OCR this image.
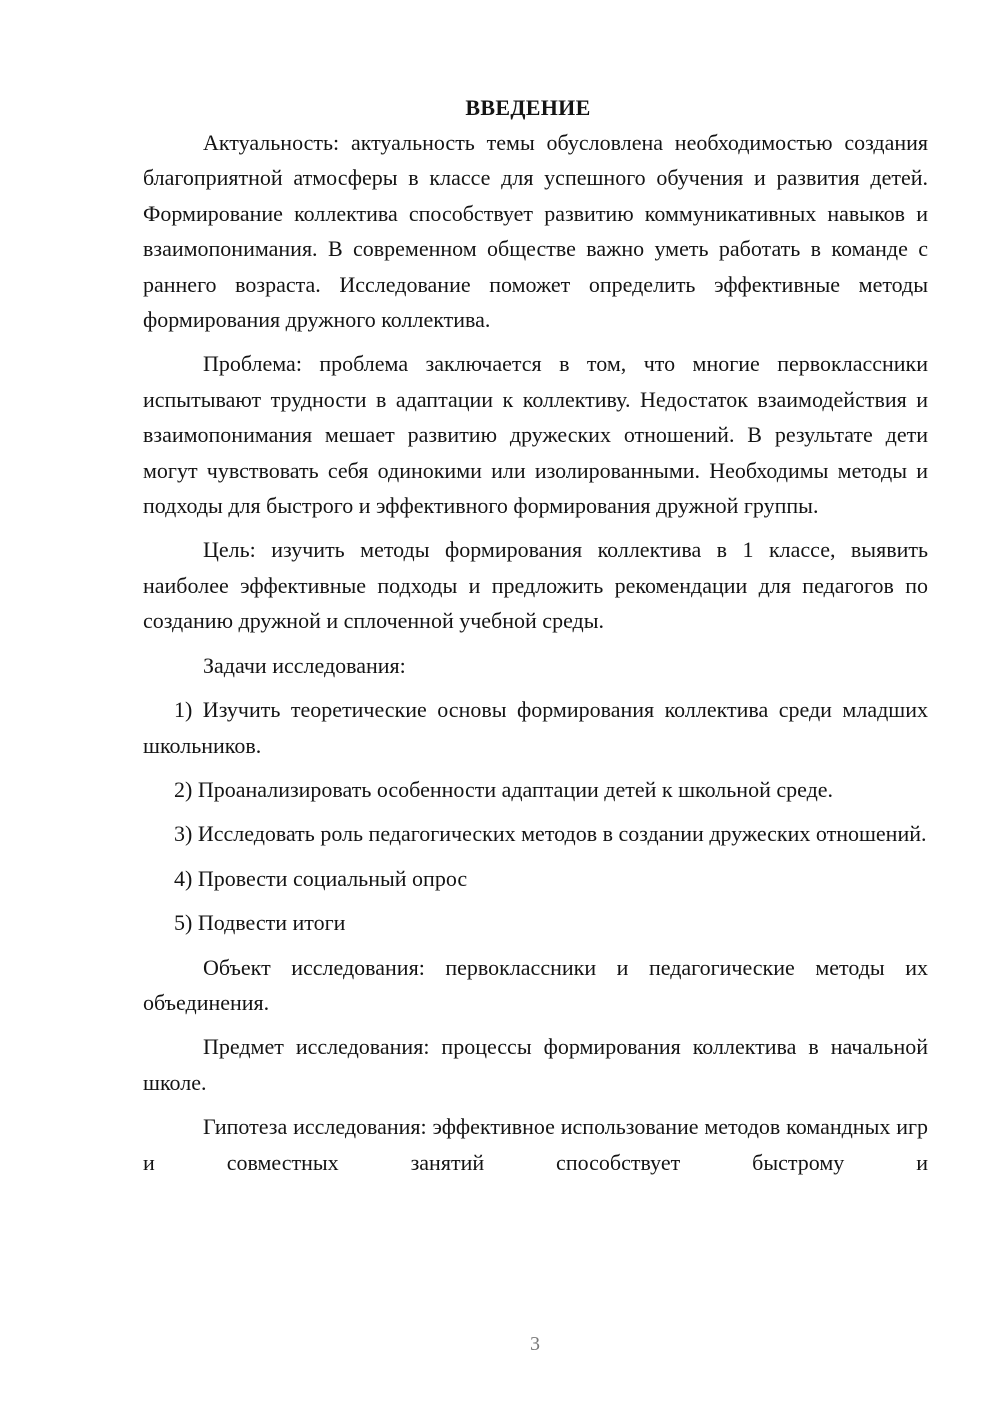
ВВЕДЕНИЕ

Актуальность: актуальность темы обусловлена необходимостью создания благоприятной атмосферы в классе для успешного обучения и развития детей. Формирование коллектива способствует развитию коммуникативных навыков и взаимопонимания. В современном обществе важно уметь работать в команде с раннего возраста. Исследование поможет определить эффективные методы формирования дружного коллектива.

Проблема: проблема заключается в том, что многие первоклассники испытывают трудности в адаптации к коллективу. Недостаток взаимодействия и взаимопонимания мешает развитию дружеских отношений. В результате дети могут чувствовать себя одинокими или изолированными. Необходимы методы и подходы для быстрого и эффективного формирования дружной группы.

Цель: изучить методы формирования коллектива в 1 классе, выявить наиболее эффективные подходы и предложить рекомендации для педагогов по созданию дружной и сплоченной учебной среды.

Задачи исследования:

1) Изучить теоретические основы формирования коллектива среди младших школьников.

2) Проанализировать особенности адаптации детей к школьной среде.

3) Исследовать роль педагогических методов в создании дружеских отношений.

4) Провести социальный опрос

5) Подвести итоги

Объект исследования: первоклассники и педагогические методы их объединения.

Предмет исследования: процессы формирования коллектива в начальной школе.

Гипотеза исследования: эффективное использование методов командных игр и совместных занятий способствует быстрому и

3
